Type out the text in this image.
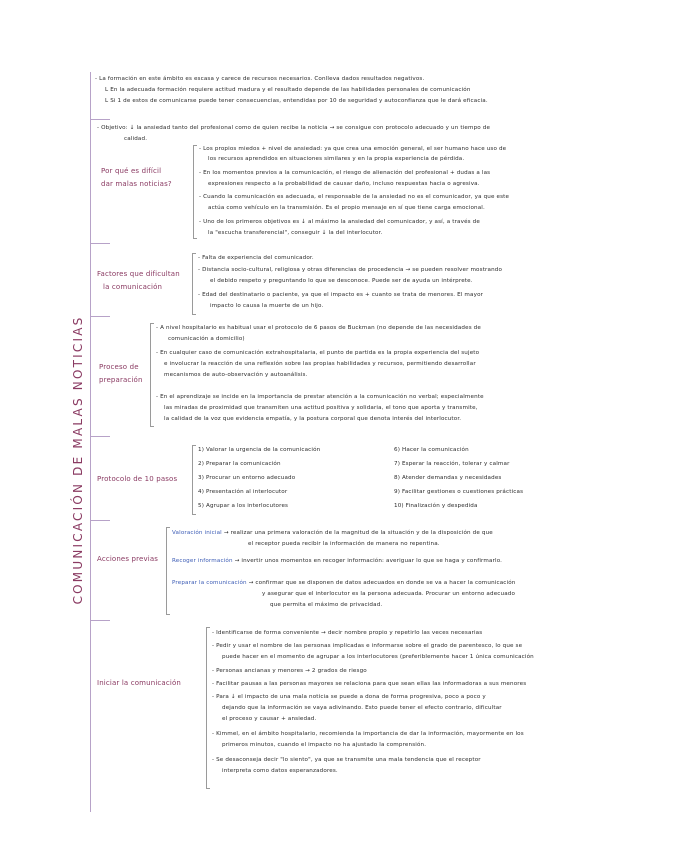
COMUNICACIÓN DE MALAS NOTICIAS
- La formación en este ámbito es escasa y carece de recursos necesarios. Conlleva dados resultados negativos.
L En la adecuada formación requiere actitud madura y el resultado depende de las habilidades personales de comunicación
L Si 1 de estos de comunicarse puede tener consecuencias, entendidas por 10 de seguridad y autoconfianza que le dará eficacia.
- Objetivo: ↓ la ansiedad tanto del profesional como de quien recibe la noticia → se consigue con protocolo adecuado y un tiempo de
calidad.
Por qué es difícil
dar malas noticias?
- Los propios miedos + nivel de ansiedad: ya que crea una emoción general, el ser humano hace uso de
los recursos aprendidos en situaciones similares y en la propia experiencia de pérdida.
- En los momentos previos a la comunicación, el riesgo de alienación del profesional + dudas a las
expresiones respecto a la probabilidad de causar daño, incluso respuestas hacia o agresiva.
- Cuando la comunicación es adecuada, el responsable de la ansiedad no es el comunicador, ya que este
actúa como vehículo en la transmisión. Es el propio mensaje en sí que tiene carga emocional.
- Uno de los primeros objetivos es ↓ al máximo la ansiedad del comunicador, y así, a través de
la "escucha transferencial", conseguir ↓ la del interlocutor.
Factores que dificultan
la comunicación
- Falta de experiencia del comunicador.
- Distancia socio-cultural, religiosa y otras diferencias de procedencia → se pueden resolver mostrando
el debido respeto y preguntando lo que se desconoce. Puede ser de ayuda un intérprete.
- Edad del destinatario o paciente, ya que el impacto es + cuanto se trata de menores. El mayor
impacto lo causa la muerte de un hijo.
Proceso de
preparación
- A nivel hospitalario es habitual usar el protocolo de 6 pasos de Buckman (no depende de las necesidades de
comunicación a domicilio)
- En cualquier caso de comunicación extrahospitalaria, el punto de partida es la propia experiencia del sujeto
e involucrar la reacción de una reflexión sobre las propias habilidades y recursos, permitiendo desarrollar
mecanismos de auto-observación y autoanálisis.
- En el aprendizaje se incide en la importancia de prestar atención a la comunicación no verbal; especialmente
las miradas de proximidad que transmiten una actitud positiva y solidaria, el tono que aporta y transmite,
la calidad de la voz que evidencia empatía, y la postura corporal que denota interés del interlocutor.
Protocolo de 10 pasos
1) Valorar la urgencia de la comunicación
2) Preparar la comunicación
3) Procurar un entorno adecuado
4) Presentación al interlocutor
5) Agrupar a los interlocutores
6) Hacer la comunicación
7) Esperar la reacción, tolerar y calmar
8) Atender demandas y necesidades
9) Facilitar gestiones o cuestiones prácticas
10) Finalización y despedida
Acciones previas
Valoración inicial → realizar una primera valoración de la magnitud de la situación y de la disposición de que
el receptor pueda recibir la información de manera no repentina.
Recoger información → invertir unos momentos en recoger información: averiguar lo que se haga y confirmarlo.
Preparar la comunicación → confirmar que se disponen de datos adecuados en donde se va a hacer la comunicación
y asegurar que el interlocutor es la persona adecuada. Procurar un entorno adecuado
que permita el máximo de privacidad.
Iniciar la comunicación
- Identificarse de forma conveniente → decir nombre propio y repetirlo las veces necesarias
- Pedir y usar el nombre de las personas implicadas e informarse sobre el grado de parentesco, lo que se
puede hacer en el momento de agrupar a los interlocutores (preferiblemente hacer 1 única comunicación
- Personas ancianas y menores → 2 grados de riesgo
- Facilitar pausas a las personas mayores se relaciona para que sean ellas las informadoras a sus menores
- Para ↓ el impacto de una mala noticia se puede a dona de forma progresiva, poco a poco y
dejando que la información se vaya adivinando. Esto puede tener el efecto contrario, dificultar
el proceso y causar + ansiedad.
- Kimmel, en el ámbito hospitalario, recomienda la importancia de dar la información, mayormente en los
primeros minutos, cuando el impacto no ha ajustado la comprensión.
- Se desaconseja decir "lo siento", ya que se transmite una mala tendencia que el receptor
interpreta como datos esperanzadores.
